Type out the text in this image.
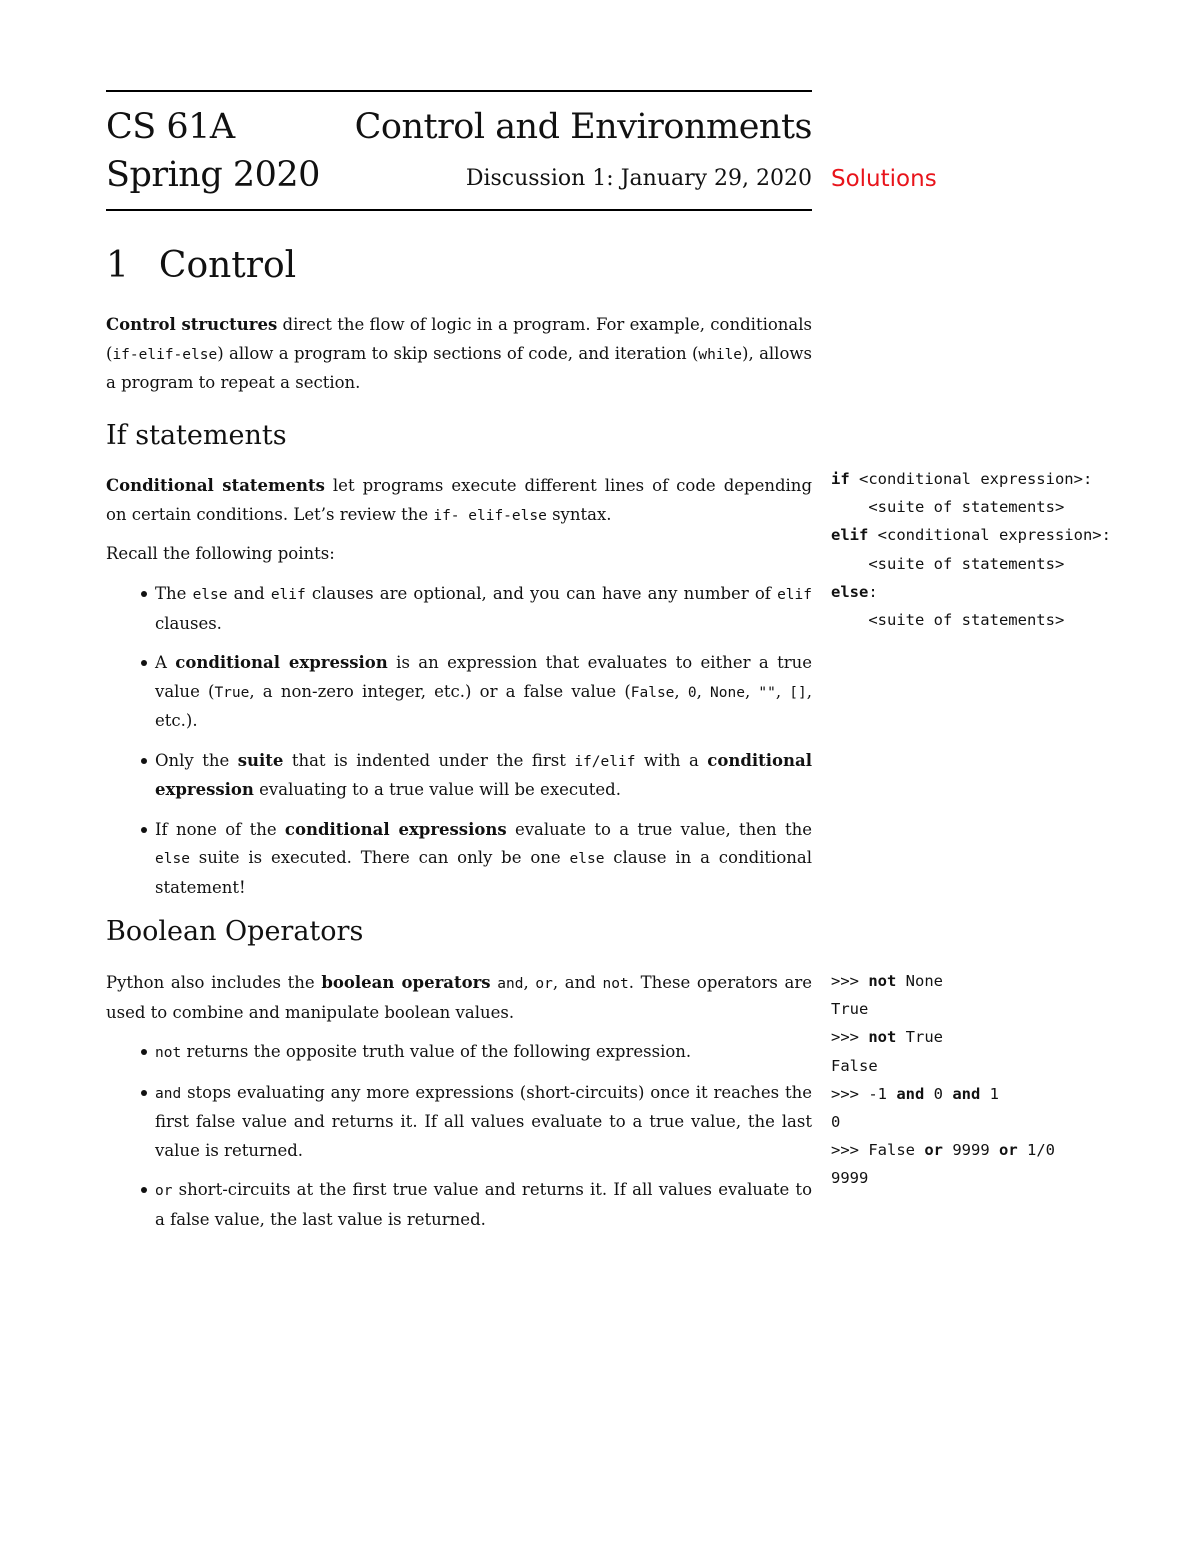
CS 61A	Control and Environments
Spring 2020	Discussion 1: January 29, 2020 Solutions
1 Control
Control structures direct the flow of logic in a program. For example, conditionals (if-elif-else) allow a program to skip sections of code, and iteration (while), allows a program to repeat a section.
If statements
Conditional statements let programs execute different lines of code depending on certain conditions. Let’s review the if- elif-else syntax.
Recall the following points:
The else and elif clauses are optional, and you can have any number of elif clauses.
A conditional expression is an expression that evaluates to either a true value (True, a non-zero integer, etc.) or a false value (False, 0, None, "", [], etc.).
Only the suite that is indented under the first if/elif with a conditional expression evaluating to a true value will be executed.
If none of the conditional expressions evaluate to a true value, then the else suite is executed. There can only be one else clause in a conditional statement!
if <conditional expression>:
<suite of statements>
elif <conditional expression>:
<suite of statements>
else:
<suite of statements>
Boolean Operators
Python also includes the boolean operators and, or, and not. These operators are used to combine and manipulate boolean values.
not returns the opposite truth value of the following expression.
and stops evaluating any more expressions (short-circuits) once it reaches the first false value and returns it. If all values evaluate to a true value, the last value is returned.
or short-circuits at the first true value and returns it. If all values evaluate to a false value, the last value is returned.
>>> not None
True
>>> not True
False
>>> -1 and 0 and 1
0
>>> False or 9999 or 1/0
9999
